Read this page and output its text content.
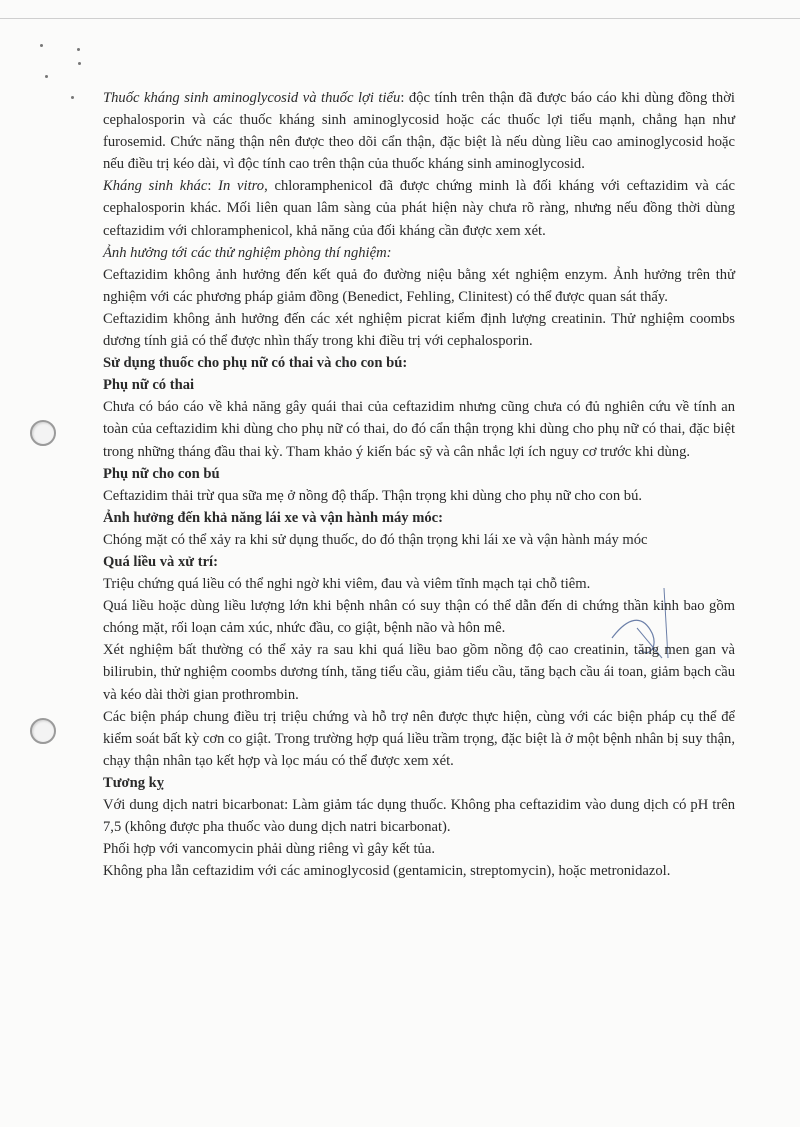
Thuốc kháng sinh aminoglycosid và thuốc lợi tiểu: độc tính trên thận đã được báo cáo khi dùng đồng thời cephalosporin và các thuốc kháng sinh aminoglycosid hoặc các thuốc lợi tiểu mạnh, chẳng hạn như furosemid. Chức năng thận nên được theo dõi cẩn thận, đặc biệt là nếu dùng liều cao aminoglycosid hoặc nếu điều trị kéo dài, vì độc tính cao trên thận của thuốc kháng sinh aminoglycosid.

Kháng sinh khác: In vitro, chloramphenicol đã được chứng minh là đối kháng với ceftazidim và các cephalosporin khác. Mối liên quan lâm sàng của phát hiện này chưa rõ ràng, nhưng nếu đồng thời dùng ceftazidim với chloramphenicol, khả năng của đối kháng cần được xem xét.

Ảnh hưởng tới các thử nghiệm phòng thí nghiệm:

Ceftazidim không ảnh hưởng đến kết quả đo đường niệu bằng xét nghiệm enzym. Ảnh hưởng trên thử nghiệm với các phương pháp giảm đồng (Benedict, Fehling, Clinitest) có thể được quan sát thấy.

Ceftazidim không ảnh hưởng đến các xét nghiệm picrat kiểm định lượng creatinin. Thử nghiệm coombs dương tính giả có thể được nhìn thấy trong khi điều trị với cephalosporin.

Sử dụng thuốc cho phụ nữ có thai và cho con bú:

Phụ nữ có thai

Chưa có báo cáo về khả năng gây quái thai của ceftazidim nhưng cũng chưa có đủ nghiên cứu về tính an toàn của ceftazidim khi dùng cho phụ nữ có thai, do đó cẩn thận trọng khi dùng cho phụ nữ có thai, đặc biệt trong những tháng đầu thai kỳ. Tham khảo ý kiến bác sỹ và cân nhắc lợi ích nguy cơ trước khi dùng.

Phụ nữ cho con bú

Ceftazidim thải trừ qua sữa mẹ ở nồng độ thấp. Thận trọng khi dùng cho phụ nữ cho con bú.

Ảnh hưởng đến khả năng lái xe và vận hành máy móc:

Chóng mặt có thể xảy ra khi sử dụng thuốc, do đó thận trọng khi lái xe và vận hành máy móc

Quá liều và xử trí:

Triệu chứng quá liều có thể nghi ngờ khi viêm, đau và viêm tĩnh mạch tại chỗ tiêm.

Quá liều hoặc dùng liều lượng lớn khi bệnh nhân có suy thận có thể dẫn đến di chứng thần kinh bao gồm chóng mặt, rối loạn cảm xúc, nhức đầu, co giật, bệnh não và hôn mê.

Xét nghiệm bất thường có thể xảy ra sau khi quá liều bao gồm nồng độ cao creatinin, tăng men gan và bilirubin, thử nghiệm coombs dương tính, tăng tiểu cầu, giảm tiểu cầu, tăng bạch cầu ái toan, giảm bạch cầu và kéo dài thời gian prothrombin.

Các biện pháp chung điều trị triệu chứng và hỗ trợ nên được thực hiện, cùng với các biện pháp cụ thể để kiểm soát bất kỳ cơn co giật. Trong trường hợp quá liều trầm trọng, đặc biệt là ở một bệnh nhân bị suy thận, chạy thận nhân tạo kết hợp và lọc máu có thể được xem xét.

Tương kỵ

Với dung dịch natri bicarbonat: Làm giảm tác dụng thuốc. Không pha ceftazidim vào dung dịch có pH trên 7,5 (không được pha thuốc vào dung dịch natri bicarbonat).

Phối hợp với vancomycin phải dùng riêng vì gây kết tủa.

Không pha lẫn ceftazidim với các aminoglycosid (gentamicin, streptomycin), hoặc metronidazol.
